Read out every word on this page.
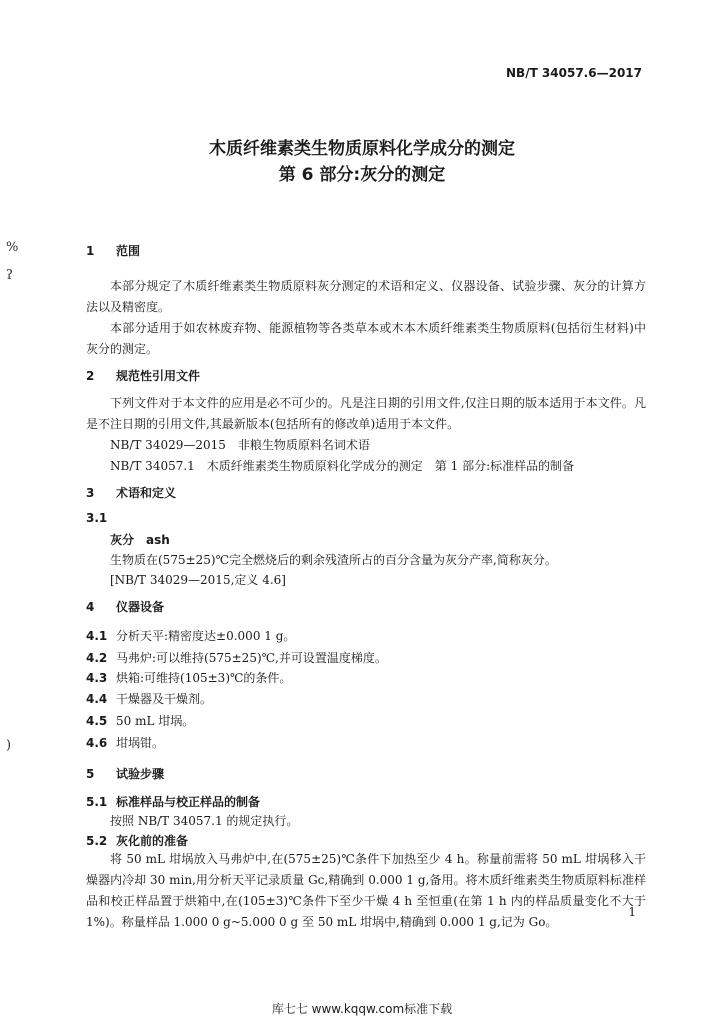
NB/T 34057.6—2017
木质纤维素类生物质原料化学成分的测定
第 6 部分:灰分的测定
%
ʔ
)
1 范围
本部分规定了木质纤维素类生物质原料灰分测定的术语和定义、仪器设备、试验步骤、灰分的计算方法以及精密度。
本部分适用于如农林废弃物、能源植物等各类草本或木本木质纤维素类生物质原料(包括衍生材料)中灰分的测定。
2 规范性引用文件
下列文件对于本文件的应用是必不可少的。凡是注日期的引用文件,仅注日期的版本适用于本文件。凡是不注日期的引用文件,其最新版本(包括所有的修改单)适用于本文件。
NB/T 34029—2015　非粮生物质原料名词术语
NB/T 34057.1　木质纤维素类生物质原料化学成分的测定　第 1 部分:标准样品的制备
3 术语和定义
3.1
灰分　ash
生物质在(575±25)℃完全燃烧后的剩余残渣所占的百分含量为灰分产率,简称灰分。
[NB/T 34029—2015,定义 4.6]
4 仪器设备
4.1 分析天平:精密度达±0.000 1 g。
4.2 马弗炉:可以维持(575±25)℃,并可设置温度梯度。
4.3 烘箱:可维持(105±3)℃的条件。
4.4 干燥器及干燥剂。
4.5 50 mL 坩埚。
4.6 坩埚钳。
5 试验步骤
5.1 标准样品与校正样品的制备
按照 NB/T 34057.1 的规定执行。
5.2 灰化前的准备
将 50 mL 坩埚放入马弗炉中,在(575±25)℃条件下加热至少 4 h。称量前需将 50 mL 坩埚移入干燥器内冷却 30 min,用分析天平记录质量 Gc,精确到 0.000 1 g,备用。将木质纤维素类生物质原料标准样品和校正样品置于烘箱中,在(105±3)℃条件下至少干燥 4 h 至恒重(在第 1 h 内的样品质量变化不大于 1%)。称量样品 1.000 0 g~5.000 0 g 至 50 mL 坩埚中,精确到 0.000 1 g,记为 Go。
1
库七七 www.kqqw.com标准下载
